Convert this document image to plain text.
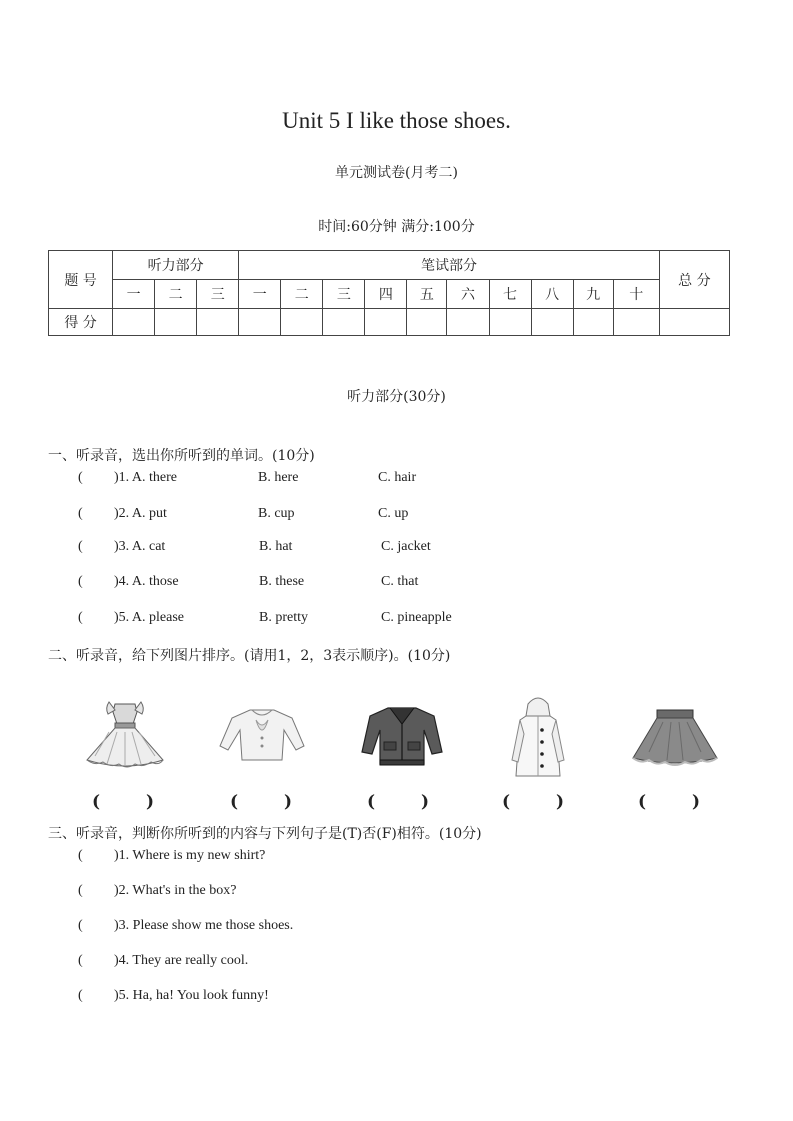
Unit 5 I like those shoes.
单元测试卷(月考二)
时间:60分钟 满分:100分
题 号	听力部分			笔试部分										总 分
	一	二	三	一	二	三	四	五	六	七	八	九	十	
得 分														
听力部分(30分)
一、听录音，选出你所听到的单词。(10分)
( )1. A. there	B. here	C. hair
( )2. A. put	B. cup	C. up
( )3. A. cat	B. hat	C. jacket
( )4. A. those	B. these	C. that
( )5. A. please	B. pretty	C. pineapple
二、听录音，给下列图片排序。(请用1，2，3表示顺序)。(10分)
(	)	(	)	(	)	(	)	(	)
三、听录音，判断你所听到的内容与下列句子是(T)否(F)相符。(10分)
( )1. Where is my new shirt?
( )2. What's in the box?
( )3. Please show me those shoes.
( )4. They are really cool.
( )5. Ha, ha! You look funny!
